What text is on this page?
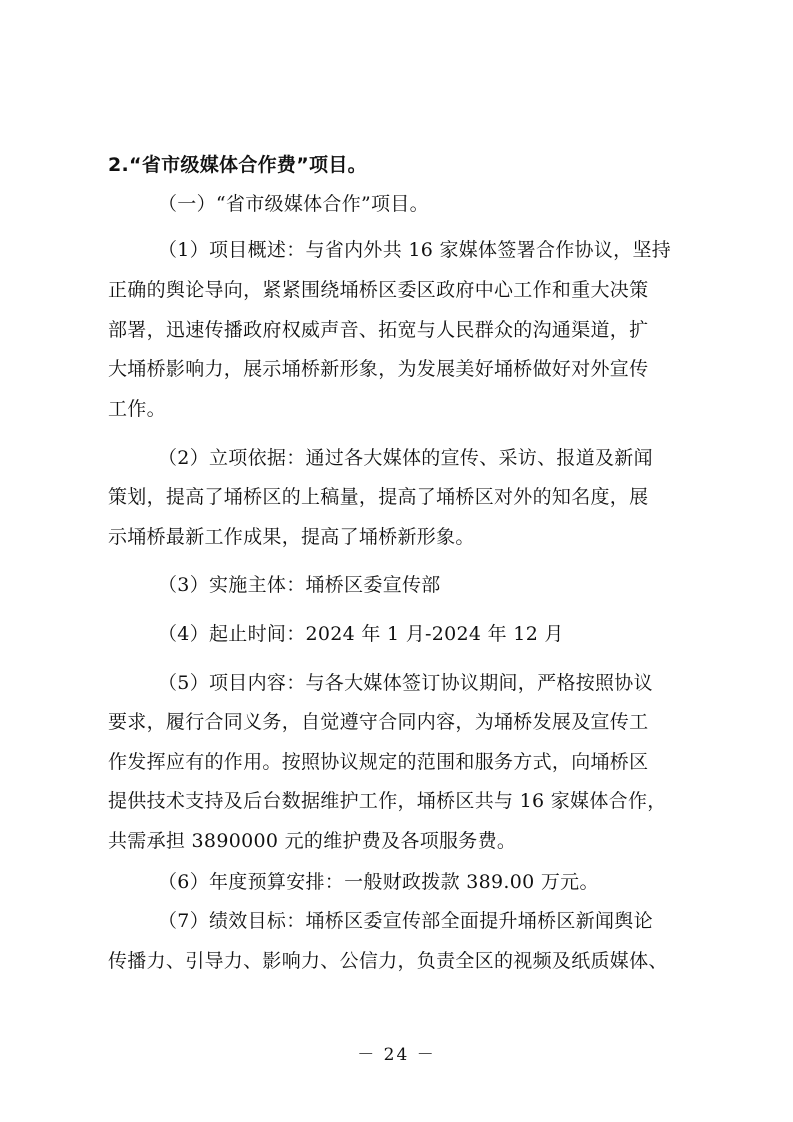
2.“省市级媒体合作费”项目。
（一）“省市级媒体合作”项目。
（1）项目概述：与省内外共 16 家媒体签署合作协议，坚持
正确的舆论导向，紧紧围绕埇桥区委区政府中心工作和重大决策
部署，迅速传播政府权威声音、拓宽与人民群众的沟通渠道，扩
大埇桥影响力，展示埇桥新形象，为发展美好埇桥做好对外宣传
工作。
（2）立项依据：通过各大媒体的宣传、采访、报道及新闻
策划，提高了埇桥区的上稿量，提高了埇桥区对外的知名度，展
示埇桥最新工作成果，提高了埇桥新形象。
（3）实施主体：埇桥区委宣传部
（4）起止时间：2024 年 1 月-2024 年 12 月
（5）项目内容：与各大媒体签订协议期间，严格按照协议
要求，履行合同义务，自觉遵守合同内容，为埇桥发展及宣传工
作发挥应有的作用。按照协议规定的范围和服务方式，向埇桥区
提供技术支持及后台数据维护工作，埇桥区共与 16 家媒体合作，
共需承担 3890000 元的维护费及各项服务费。
（6）年度预算安排：一般财政拨款 389.00 万元。
（7）绩效目标：埇桥区委宣传部全面提升埇桥区新闻舆论
传播力、引导力、影响力、公信力，负责全区的视频及纸质媒体、
－ 24 －
